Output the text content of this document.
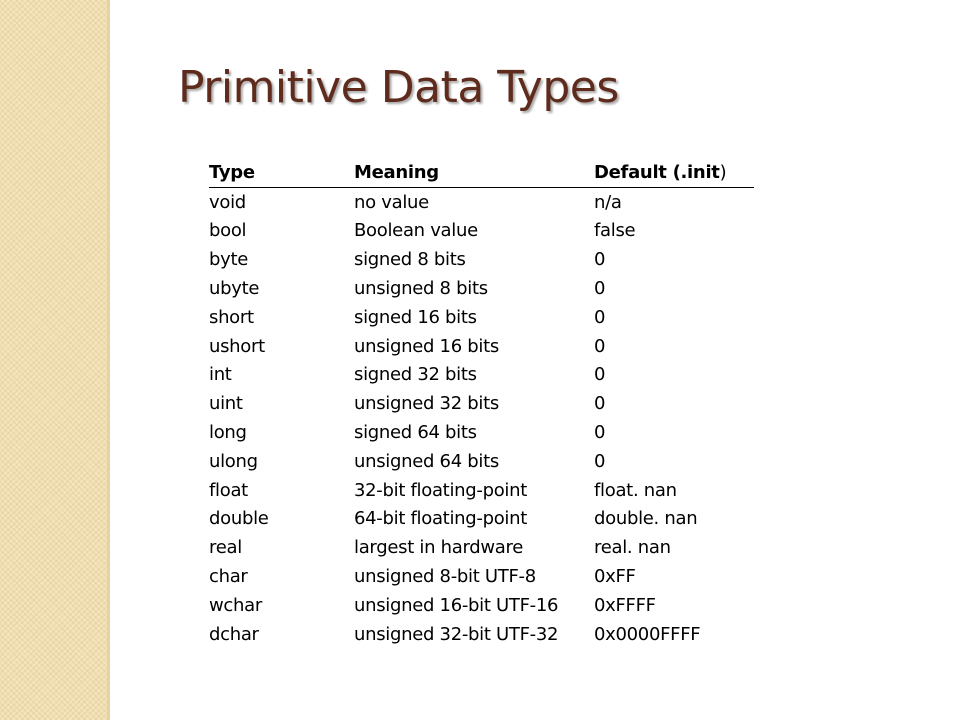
Primitive Data Types
Type	Meaning	Default (.init)
void	no value	n/a
bool	Boolean value	false
byte	signed 8 bits	0
ubyte	unsigned 8 bits	0
short	signed 16 bits	0
ushort	unsigned 16 bits	0
int	signed 32 bits	0
uint	unsigned 32 bits	0
long	signed 64 bits	0
ulong	unsigned 64 bits	0
float	32-bit floating-point	float. nan
double	64-bit floating-point	double. nan
real	largest in hardware	real. nan
char	unsigned 8-bit UTF-8	0xFF
wchar	unsigned 16-bit UTF-16	0xFFFF
dchar	unsigned 32-bit UTF-32	0x0000FFFF
